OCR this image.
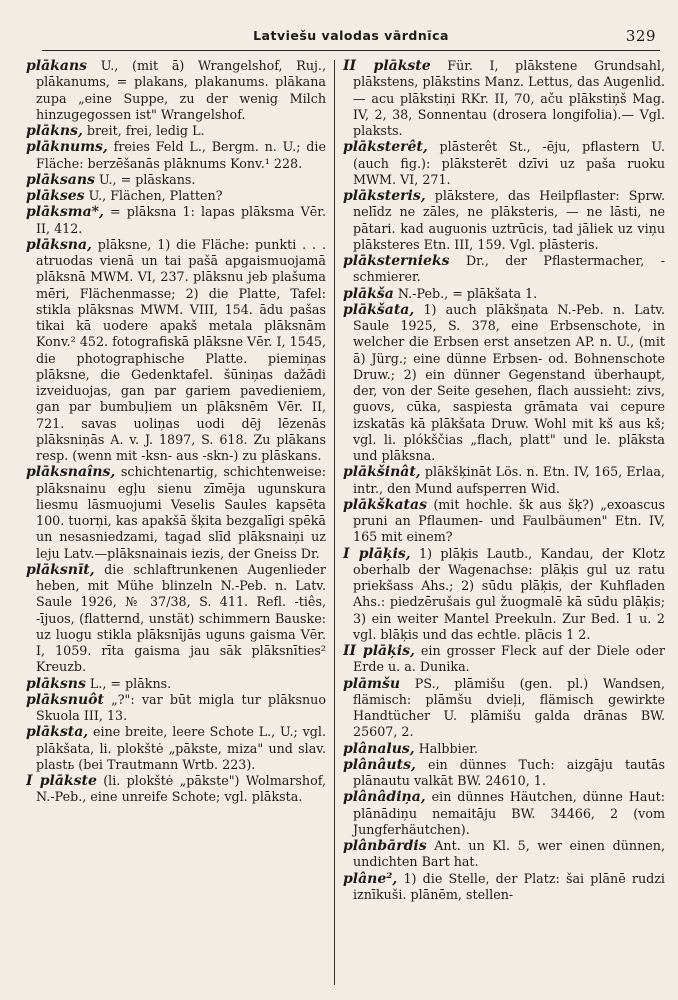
Latviešu valodas vārdnīca	329

plākans U., (mit ā) Wrangelshof, Ruj., plākanums, = plakans, plakanums. plākana zupa „eine Suppe, zu der wenig Milch hinzugegossen ist" Wrangelshof.

plākns, breit, frei, ledig L.

plāknums, freies Feld L., Bergm. n. U.; die Fläche: berzēšanās plāknums Konv.¹ 228.

plāksans U., = plāskans.

plākses U., Flächen, Platten?

plāksma*, = plāksna 1: lapas plāksma Vēr. II, 412.

plāksna, plāksne, 1) die Fläche: punkti . . . atruodas vienā un tai pašā apgaismuojamā plāksnā MWM. VI, 237. plāksnu jeb plašuma mēri, Flächenmasse; 2) die Platte, Tafel: stikla plāksnas MWM. VIII, 154. ādu pašas tikai kā uodere apakš metala plāksnām Konv.² 452. fotografiskā plāksne Vēr. I, 1545, die photographische Platte. piemiņas plāksne, die Gedenktafel. šūniņas dažādi izveiduojas, gan par gariem pavedieniem, gan par bumbuļiem un plāksnēm Vēr. II, 721. savas uoliņas uodi dēj lēzenās plāksniņās A. v. J. 1897, S. 618. Zu plākans resp. (wenn mit -ksn- aus -skn-) zu plāskans.

plāksnaîns, schichtenartig, schichtenweise: plāksnainu egļu sienu zīmēja ugunskura liesmu lāsmuojumi Veselis Saules kapsēta 100. tuorņi, kas apakšā šķita bezgalīgi spēkā un nesasniedzami, tagad slīd plāksnaiņi uz leju Latv.—plāksnainais iezis, der Gneiss Dr.

plāksnīt, die schlaftrunkenen Augenlieder heben, mit Mühe blinzeln N.-Peb. n. Latv. Saule 1926, № 37/38, S. 411. Refl. -tiês, -ījuos, (flatternd, unstät) schimmern Bauske: uz luogu stikla plāksnījās uguns gaisma Vēr. I, 1059. rīta gaisma jau sāk plāksnīties² Kreuzb.

plāksns L., = plākns.

plāksnuôt „?": var būt migla tur plāksnuo Skuola III, 13.

plāksta, eine breite, leere Schote L., U.; vgl. plākšata, li. plokštė „pākste, miza" und slav. plastь (bei Trautmann Wrtb. 223).

I plākste (li. plokštė „pākste") Wolmarshof, N.-Peb., eine unreife Schote; vgl. plāksta.

II plākste Für. I, plākstene Grundsahl, plākstens, plākstins Manz. Lettus, das Augenlid.— acu plākstiņi RKr. II, 70, aču plākstiņš Mag. IV, 2, 38, Sonnentau (drosera longifolia).— Vgl. plaksts.

plāksterêt, plāsterêt St., -ēju, pflastern U. (auch fig.): plāksterēt dzīvi uz paša ruoku MWM. VI, 271.

plāksteris, plākstere, das Heilpflaster: Sprw. nelīdz ne zāles, ne plāksteris, — ne lāsti, ne pātari. kad auguonis uztrūcis, tad jāliek uz viņu plāksteres Etn. III, 159. Vgl. plāsteris.

plāksternieks Dr., der Pflastermacher, -schmierer.

plākša N.-Peb., = plākšata 1.

plākšata, 1) auch plākšņata N.-Peb. n. Latv. Saule 1925, S. 378, eine Erbsenschote, in welcher die Erbsen erst ansetzen AP. n. U., (mit ā) Jürg.; eine dünne Erbsen- od. Bohnenschote Druw.; 2) ein dünner Gegenstand überhaupt, der, von der Seite gesehen, flach aussieht: zivs, guovs, cūka, saspiesta grāmata vai cepure izskatās kā plākšata Druw. Wohl mit kš aus kš; vgl. li. plókščias „flach, platt" und le. plāksta und plāksna.

plākšinât, plākšķināt Lös. n. Etn. IV, 165, Erlaa, intr., den Mund aufsperren Wid.

plākškatas (mit hochle. šk aus šķ?) „exoascus pruni an Pflaumen- und Faulbäumen" Etn. IV, 165 mit einem?

I plāķis, 1) plāķis Lautb., Kandau, der Klotz oberhalb der Wagenachse: plāķis gul uz ratu priekšass Ahs.; 2) sūdu plāķis, der Kuhfladen Ahs.: piedzērušais gul žuogmalē kā sūdu plāķis; 3) ein weiter Mantel Preekuln. Zur Bed. 1 u. 2 vgl. blāķis und das echtle. plācis 1 2.

II plāķis, ein grosser Fleck auf der Diele oder Erde u. a. Dunika.

plāmšu PS., plāmišu (gen. pl.) Wandsen, flämisch: plāmšu dvieļi, flämisch gewirkte Handtücher U. plāmišu galda drānas BW. 25607, 2.

plânalus, Halbbier.

plânâuts, ein dünnes Tuch: aizgāju tautās plānautu valkāt BW. 24610, 1.

plânâdiņa, ein dünnes Häutchen, dünne Haut: plānādiņu nemaitāju BW. 34466, 2 (vom Jungferhäutchen).

plânbārdis Ant. un Kl. 5, wer einen dünnen, undichten Bart hat.

plâne², 1) die Stelle, der Platz: šai plānē rudzi iznīkuši. plānēm, stellen-
